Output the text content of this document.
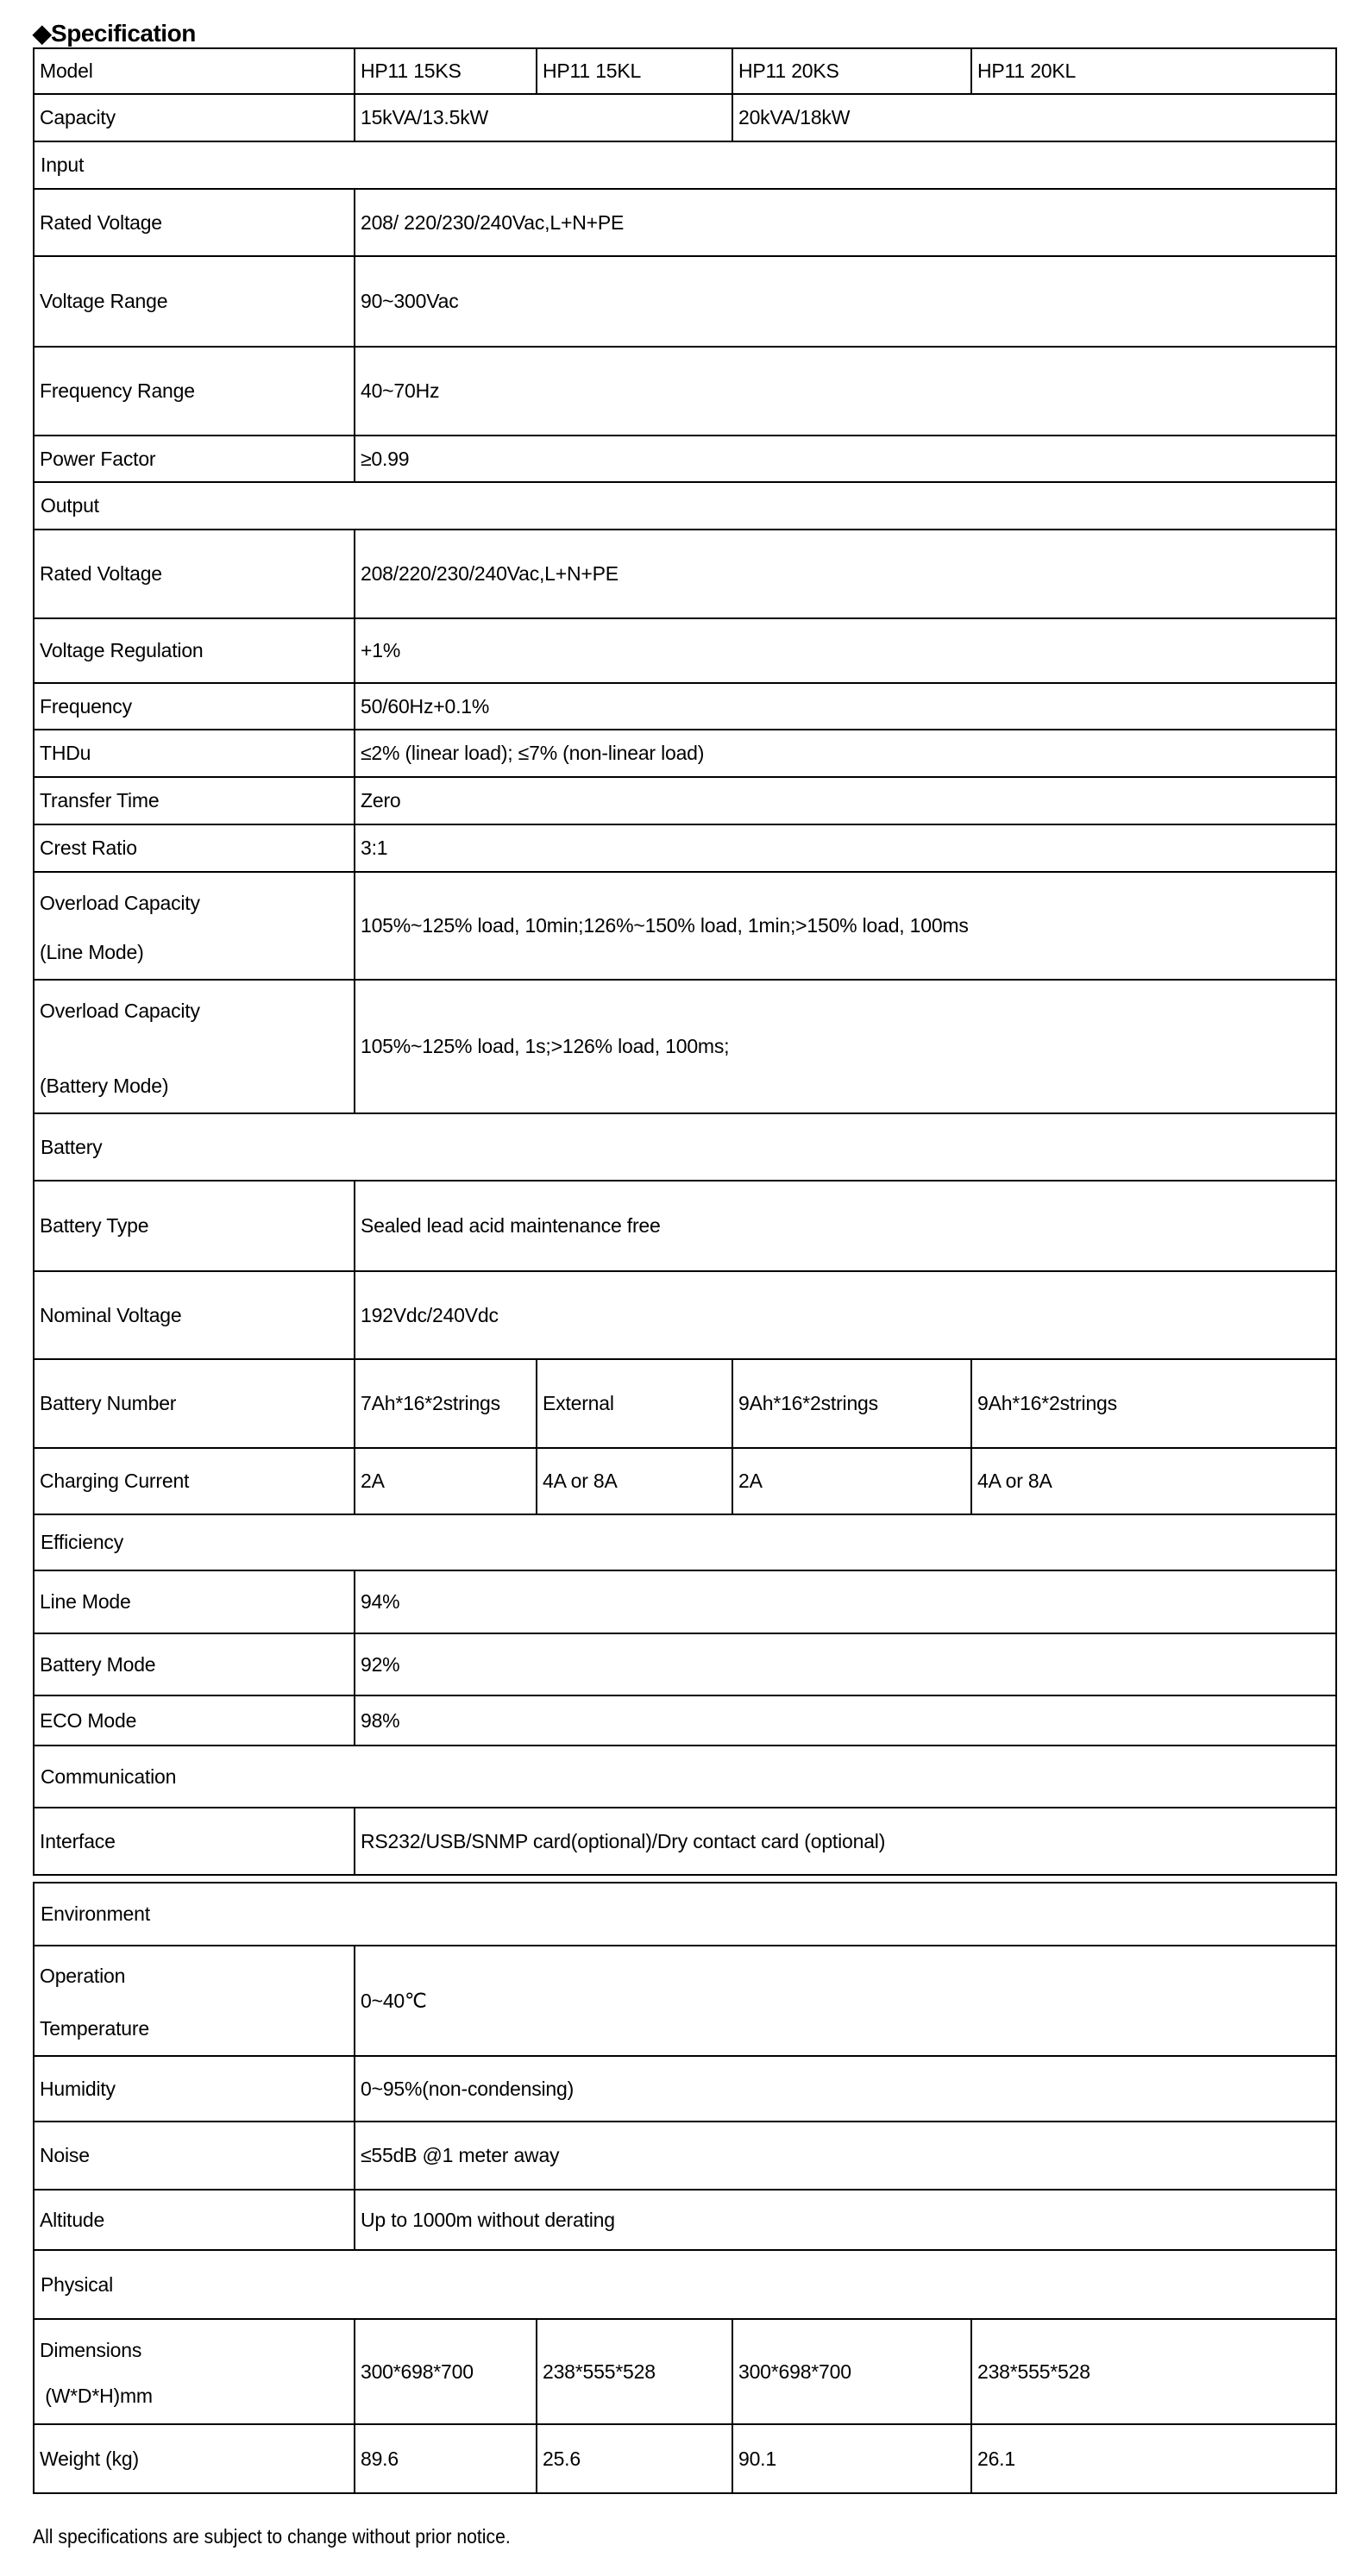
◆Specification
Model	HP11 15KS	HP11 15KL	HP11 20KS	HP11 20KL
Capacity	15kVA/13.5kW		20kVA/18kW	
Input				
Rated Voltage	208/ 220/230/240Vac,L+N+PE			
Voltage Range	90~300Vac			
Frequency Range	40~70Hz			
Power Factor	≥0.99			
Output				
Rated Voltage	208/220/230/240Vac,L+N+PE			
Voltage Regulation	+1%			
Frequency	50/60Hz+0.1%			
THDu	≤2% (linear load); ≤7% (non-linear load)			
Transfer Time	Zero			
Crest Ratio	3:1			

Overload Capacity
(Line Mode)	105%~125% load, 10min;126%~150% load, 1min;>150% load, 100ms			

Overload Capacity
(Battery Mode)	105%~125% load, 1s;>126% load, 100ms;			
Battery				
Battery Type	Sealed lead acid maintenance free			
Nominal Voltage	192Vdc/240Vdc			
Battery Number	7Ah*16*2strings	External	9Ah*16*2strings	9Ah*16*2strings
Charging Current	2A	4A or 8A	2A	4A or 8A
Efficiency				
Line Mode	94%			
Battery Mode	92%			
ECO Mode	98%			
Communication				
Interface	RS232/USB/SNMP card(optional)/Dry contact card (optional)			
Environment				

Operation
Temperature	0~40℃			
Humidity	0~95%(non-condensing)			
Noise	≤55dB @1 meter away			
Altitude	Up to 1000m without derating			
Physical				

Dimensions
(W*D*H)mm	300*698*700	238*555*528	300*698*700	238*555*528
Weight (kg)	89.6	25.6	90.1	26.1
All specifications are subject to change without prior notice.
